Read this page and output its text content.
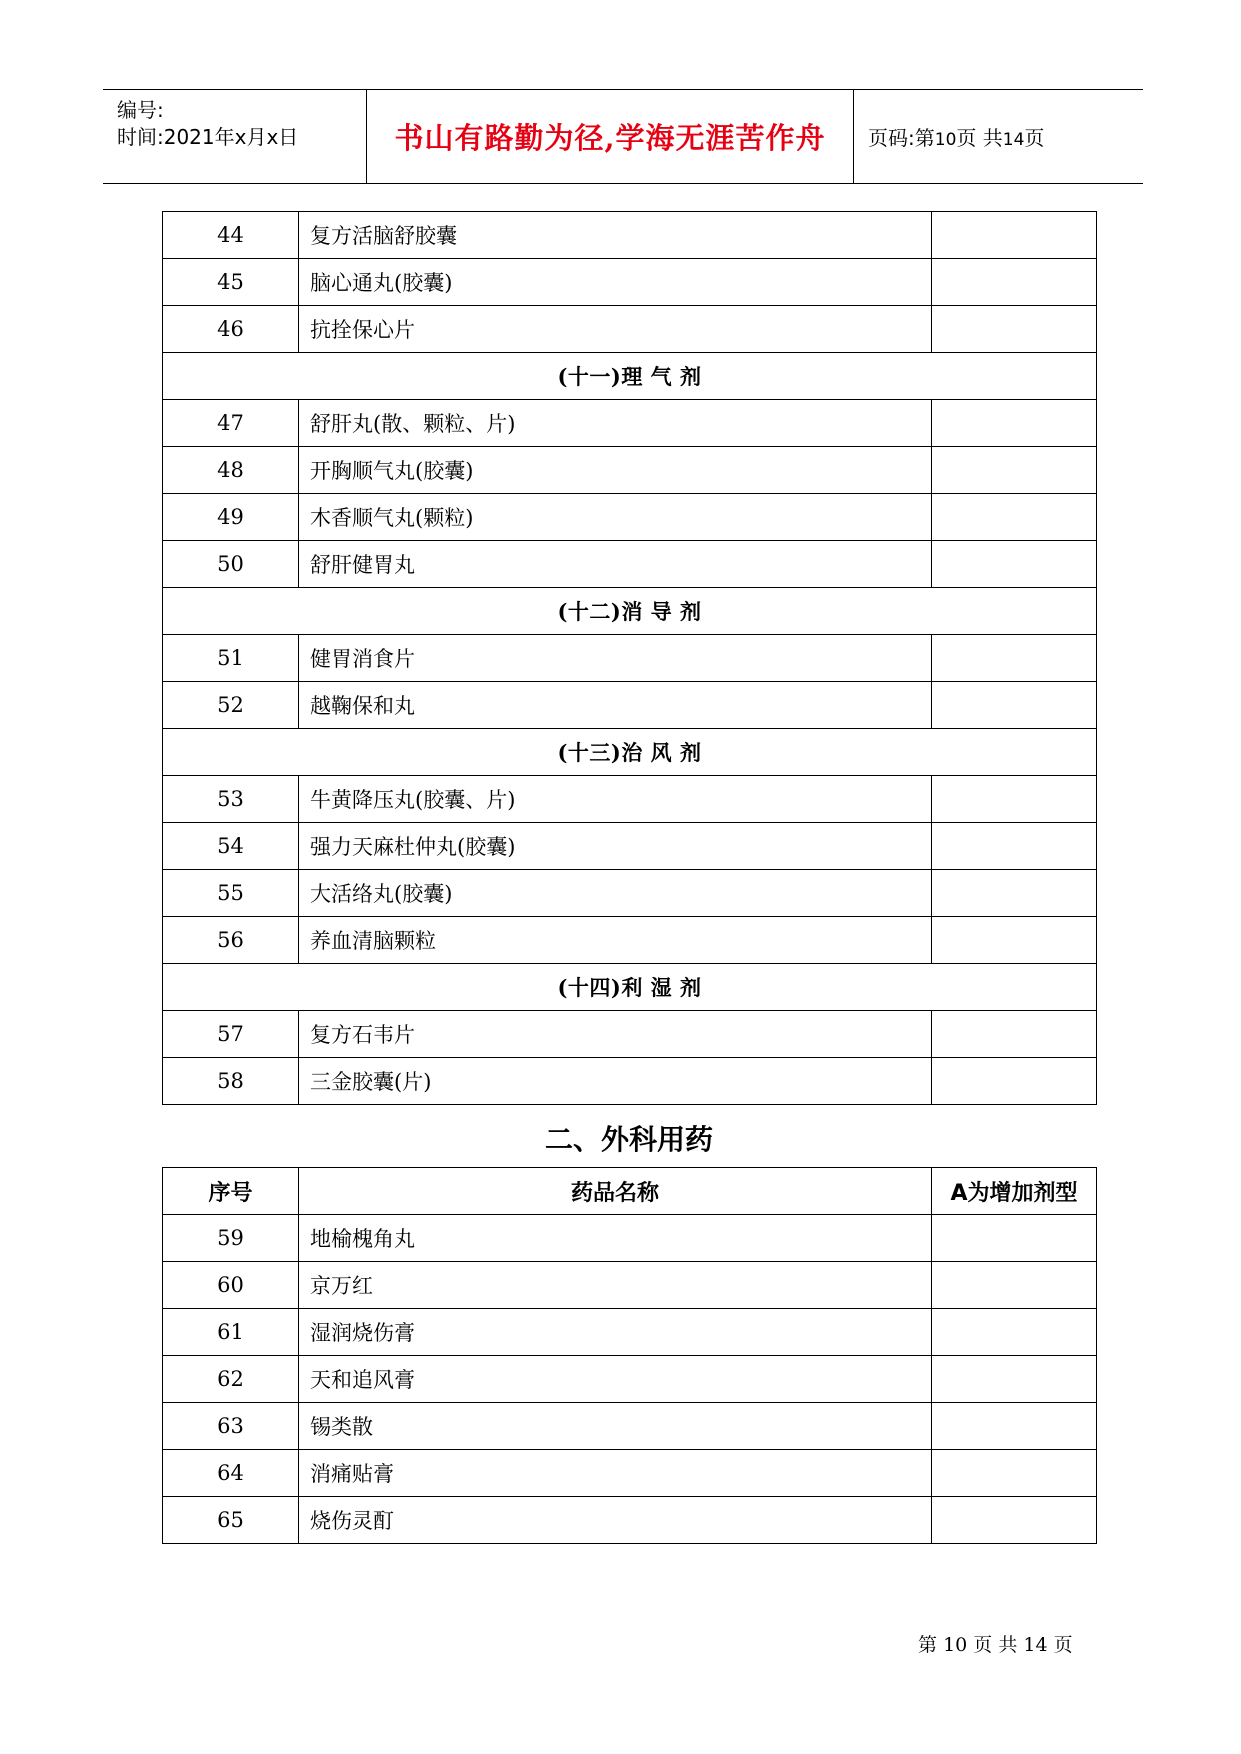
编号:
时间:2021年x月x日	书山有路勤为径,学海无涯苦作舟 页码:第10页 共14页
44	复方活脑舒胶囊	
45	脑心通丸(胶囊)	
46	抗拴保心片	
(十一)理 气 剂		
47	舒肝丸(散、颗粒、片)	
48	开胸顺气丸(胶囊)	
49	木香顺气丸(颗粒)	
50	舒肝健胃丸	
(十二)消 导 剂		
51	健胃消食片	
52	越鞠保和丸	
(十三)治 风 剂		
53	牛黄降压丸(胶囊、片)	
54	强力天麻杜仲丸(胶囊)	
55	大活络丸(胶囊)	
56	养血清脑颗粒	
(十四)利 湿 剂		
57	复方石韦片	
58	三金胶囊(片)	
二、外科用药
序号	药品名称	A为增加剂型
59	地榆槐角丸	
60	京万红	
61	湿润烧伤膏	
62	天和追风膏	
63	锡类散	
64	消痛贴膏	
65	烧伤灵酊	
第 10 页 共 14 页
